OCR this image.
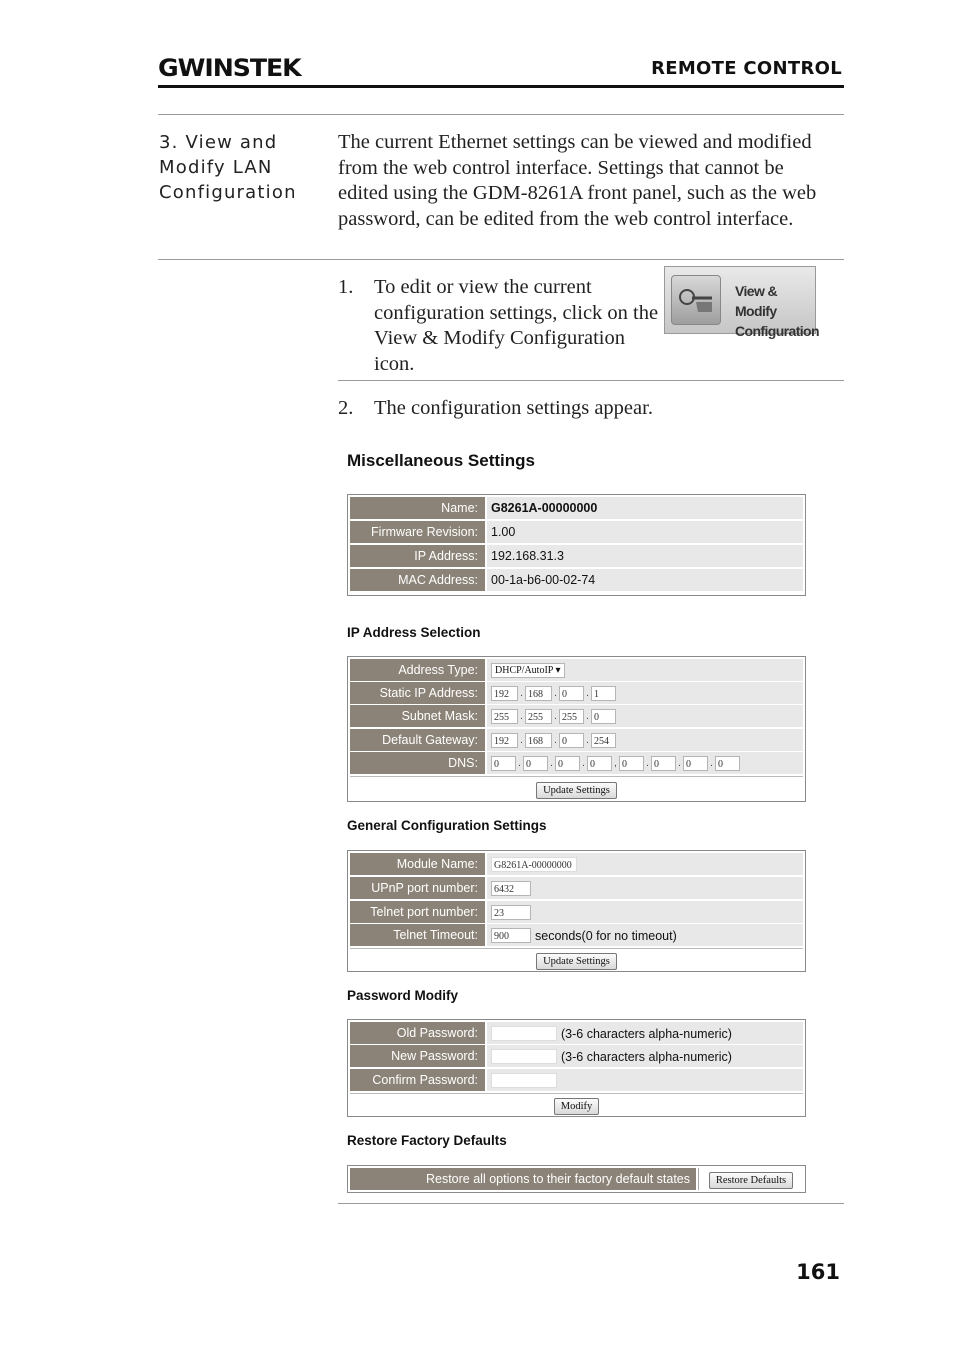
GWINSTEK	REMOTE CONTROL
3. View and Modify LAN Configuration
The current Ethernet settings can be viewed and modified from the web control interface. Settings that cannot be edited using the GDM-8261A front panel, such as the web password, can be edited from the web control interface.
1. To edit or view the current configuration settings, click on the View & Modify Configuration icon.
View & Modify Configuration
2. The configuration settings appear.
Miscellaneous Settings
Name:	G8261A-00000000
Firmware Revision:	1.00
IP Address:	192.168.31.3
MAC Address:	00-1a-b6-00-02-74
IP Address Selection
Address Type:	DHCP/AutoIP ▾
Static IP Address:	192 . 168 . 0 . 1
Subnet Mask:	255 . 255 . 255 . 0
Default Gateway:	192 . 168 . 0 . 254
DNS:	0 . 0 . 0 . 0 , 0 . 0 . 0 . 0
Update Settings
General Configuration Settings
Module Name:	G8261A-00000000
UPnP port number:	6432
Telnet port number:	23
Telnet Timeout:	900 seconds(0 for no timeout)
Update Settings
Password Modify
Old Password:	(3-6 characters alpha-numeric)
New Password:	(3-6 characters alpha-numeric)
Confirm Password:
Modify
Restore Factory Defaults
Restore all options to their factory default states	Restore Defaults
161
